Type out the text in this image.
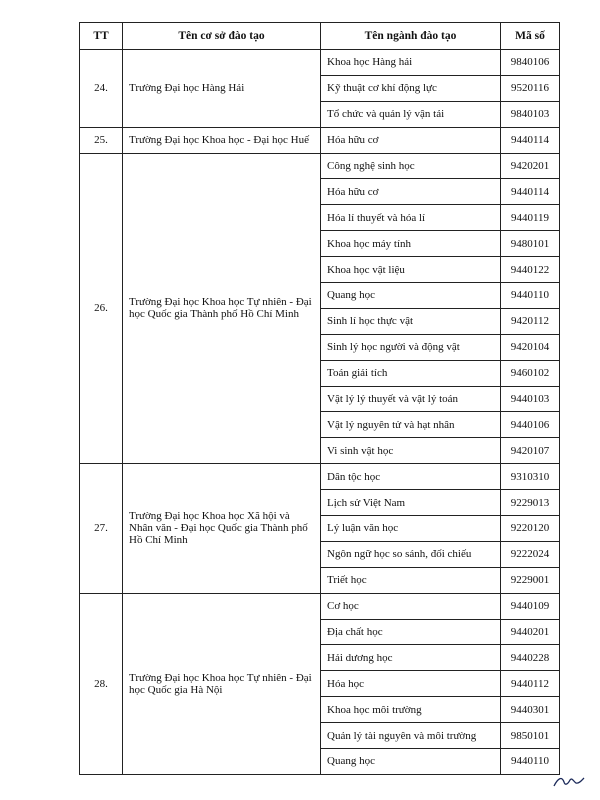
TT	Tên cơ sở đào tạo	Tên ngành đào tạo	Mã số
24.	Trường Đại học Hàng Hải	Khoa học Hàng hải	9840106
		Kỹ thuật cơ khí động lực	9520116
		Tổ chức và quản lý vận tải	9840103
25.	Trường Đại học Khoa học - Đại học Huế	Hóa hữu cơ	9440114
26.	Trường Đại học Khoa học Tự nhiên - Đại học Quốc gia Thành phố Hồ Chí Minh	Công nghệ sinh học	9420201
		Hóa hữu cơ	9440114
		Hóa lí thuyết và hóa lí	9440119
		Khoa học máy tính	9480101
		Khoa học vật liệu	9440122
		Quang học	9440110
		Sinh lí học thực vật	9420112
		Sinh lý học người và động vật	9420104
		Toán giải tích	9460102
		Vật lý lý thuyết và vật lý toán	9440103
		Vật lý nguyên tử và hạt nhân	9440106
		Vi sinh vật học	9420107
27.	Trường Đại học Khoa học Xã hội và Nhân văn - Đại học Quốc gia Thành phố Hồ Chí Minh	Dân tộc học	9310310
		Lịch sử Việt Nam	9229013
		Lý luận văn học	9220120
		Ngôn ngữ học so sánh, đối chiếu	9222024
		Triết học	9229001
28.	Trường Đại học Khoa học Tự nhiên - Đại học Quốc gia Hà Nội	Cơ học	9440109
		Địa chất học	9440201
		Hải dương học	9440228
		Hóa học	9440112
		Khoa học môi trường	9440301
		Quản lý tài nguyên và môi trường	9850101
		Quang học	9440110
